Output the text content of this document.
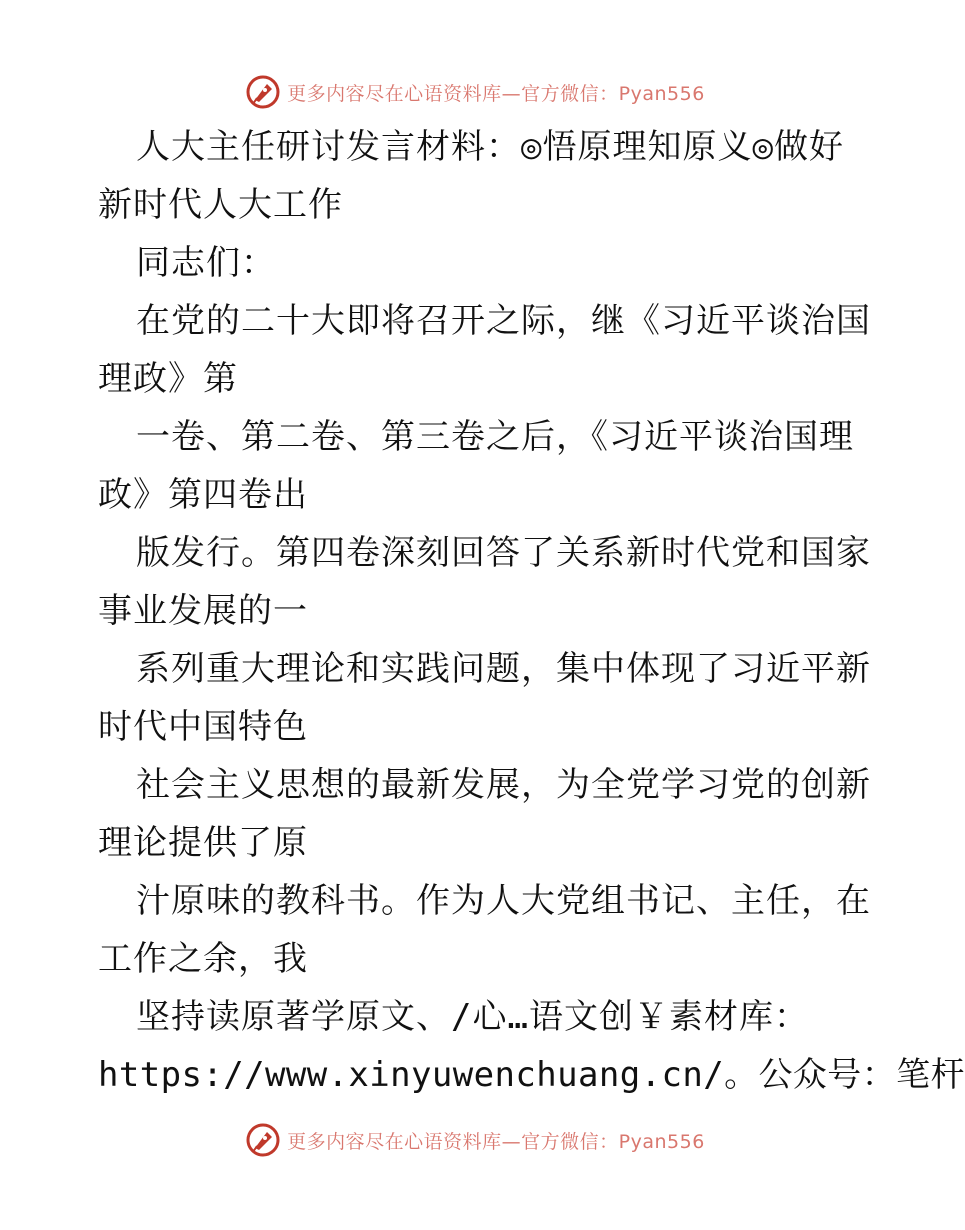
更多内容尽在心语资料库—官方微信：Pyan556
人大主任研讨发言材料：◎悟原理知原义◎做好
新时代人大工作
同志们：
在党的二十大即将召开之际，继《习近平谈治国
理政》第
一卷、第二卷、第三卷之后，《习近平谈治国理
政》第四卷出
版发行。第四卷深刻回答了关系新时代党和国家
事业发展的一
系列重大理论和实践问题，集中体现了习近平新
时代中国特色
社会主义思想的最新发展，为全党学习党的创新
理论提供了原
汁原味的教科书。作为人大党组书记、主任，在
工作之余，我
坚持读原著学原文、/心…语文创￥素材库：
https://www.xinyuwenchuang.cn/。公众号：笔杆
更多内容尽在心语资料库—官方微信：Pyan556
